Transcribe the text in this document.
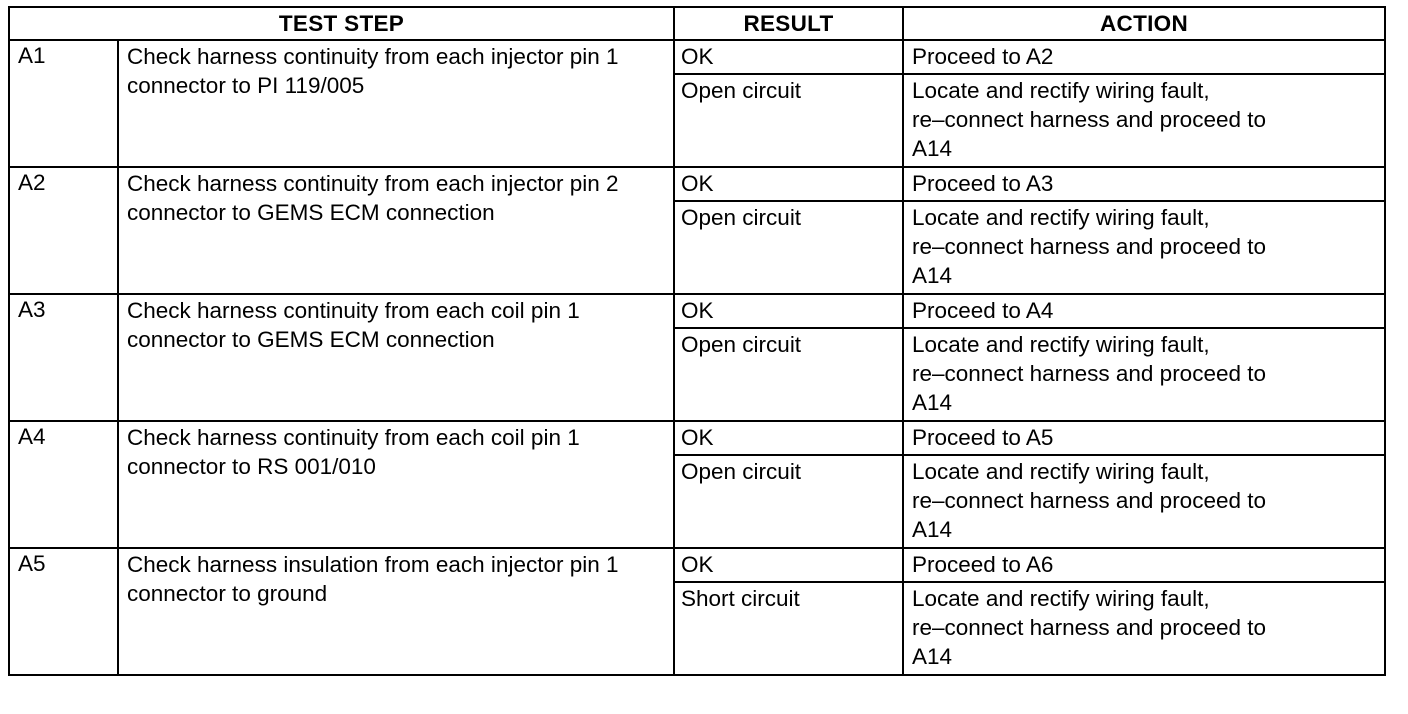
TEST STEP		RESULT	ACTION
A1	Check harness continuity from each injector pin 1 connector to PI 119/005	OK	Proceed to A2
		Open circuit	Locate and rectify wiring fault,
re–connect harness and proceed to
A14
A2	Check harness continuity from each injector pin 2 connector to GEMS ECM connection	OK	Proceed to A3
		Open circuit	Locate and rectify wiring fault,
re–connect harness and proceed to
A14
A3	Check harness continuity from each coil pin 1 connector to GEMS ECM connection	OK	Proceed to A4
		Open circuit	Locate and rectify wiring fault,
re–connect harness and proceed to
A14
A4	Check harness continuity from each coil pin 1 connector to RS 001/010	OK	Proceed to A5
		Open circuit	Locate and rectify wiring fault,
re–connect harness and proceed to
A14
A5	Check harness insulation from each injector pin 1 connector to ground	OK	Proceed to A6
		Short circuit	Locate and rectify wiring fault,
re–connect harness and proceed to
A14
